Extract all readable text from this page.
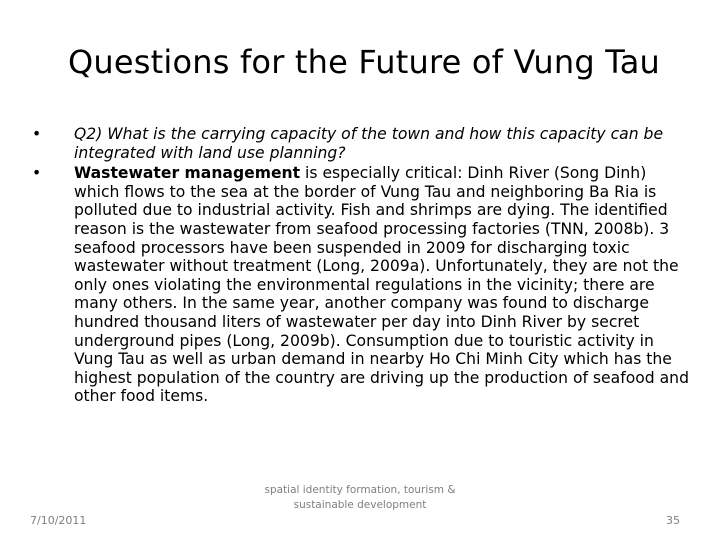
Questions for the Future of Vung Tau
• Q2) What is the carrying capacity of the town and how this capacity can be integrated with land use planning?
• Wastewater management is especially critical: Dinh River (Song Dinh) which flows to the sea at the border of Vung Tau and neighboring Ba Ria is polluted due to industrial activity. Fish and shrimps are dying. The identified reason is the wastewater from seafood processing factories (TNN, 2008b). 3 seafood processors have been suspended in 2009 for discharging toxic wastewater without treatment (Long, 2009a). Unfortunately, they are not the only ones violating the environmental regulations in the vicinity; there are many others. In the same year, another company was found to discharge hundred thousand liters of wastewater per day into Dinh River by secret underground pipes (Long, 2009b). Consumption due to touristic activity in Vung Tau as well as urban demand in nearby Ho Chi Minh City which has the highest population of the country are driving up the production of seafood and other food items.
7/10/2011
spatial identity formation, tourism &
sustainable development
35
